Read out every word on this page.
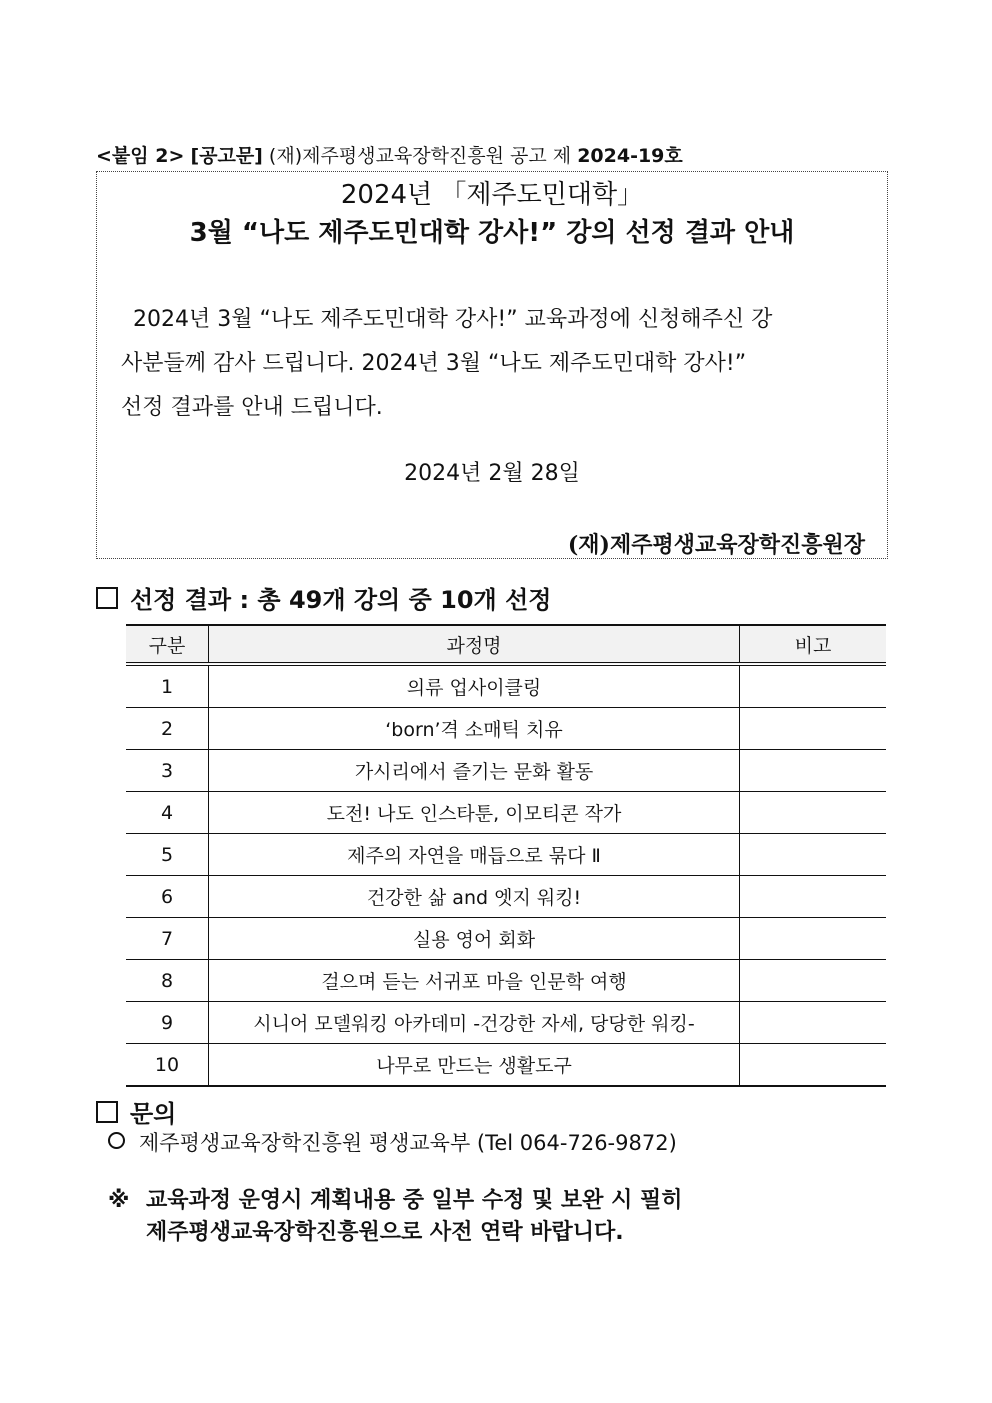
<붙임 2> [공고문] (재)제주평생교육장학진흥원 공고 제 2024-19호
2024년 「제주도민대학」
3월 “나도 제주도민대학 강사!” 강의 선정 결과 안내
2024년 3월 “나도 제주도민대학 강사!” 교육과정에 신청해주신 강
사분들께 감사 드립니다. 2024년 3월 “나도 제주도민대학 강사!”
선정 결과를 안내 드립니다.
2024년 2월 28일
(재)제주평생교육장학진흥원장
선정 결과 : 총 49개 강의 중 10개 선정
구분	과정명	비고
1	의류 업사이클링	
2	‘born’격 소매틱 치유	
3	가시리에서 즐기는 문화 활동	
4	도전! 나도 인스타툰, 이모티콘 작가	
5	제주의 자연을 매듭으로 묶다 Ⅱ	
6	건강한 삶 and 엣지 워킹!	
7	실용 영어 회화	
8	걸으며 듣는 서귀포 마을 인문학 여행	
9	시니어 모델워킹 아카데미 -건강한 자세, 당당한 워킹-	
10	나무로 만드는 생활도구	
문의
제주평생교육장학진흥원 평생교육부 (Tel 064-726-9872)
※ 교육과정 운영시 계획내용 중 일부 수정 및 보완 시 필히
제주평생교육장학진흥원으로 사전 연락 바랍니다.
